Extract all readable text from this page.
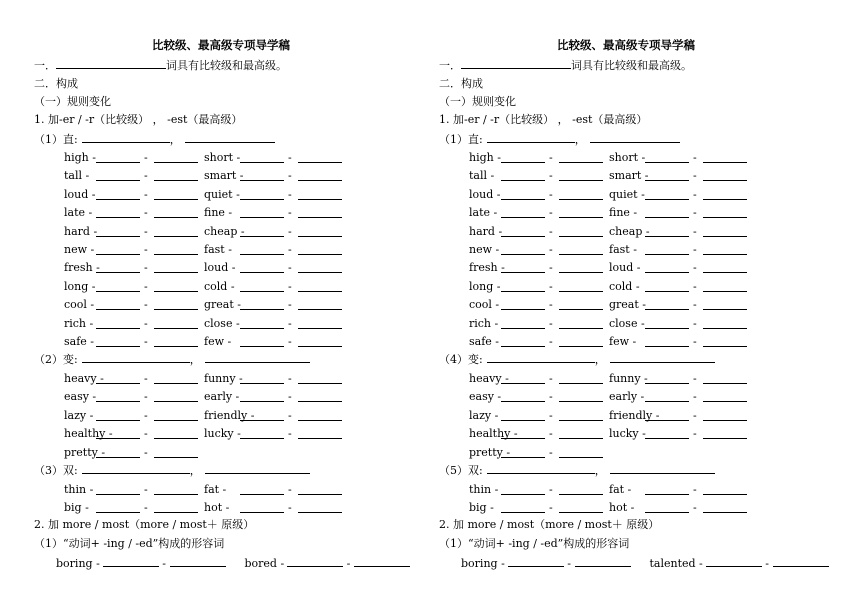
比较级、最高级专项导学稿
一．	词具有比较级和最高级。
二．构成
（一）规则变化
1. 加-er / -r（比较级） ， -est（最高级）
（1）直:	，
high -	-	short -	-
tall -	-	smart -	-
loud -	-	quiet -	-
late -	-	fine -	-
hard -	-	cheap -	-
new -	-	fast -	-
fresh -	-	loud -	-
long -	-	cold -	-
cool -	-	great -	-
rich -	-	close -	-
safe -	-	few -	-
（2）变:	，
heavy -	-	funny -	-
easy -	-	early -	-
lazy -	-	friendly -	-
healthy -	-	lucky -	-
pretty -	-
（3）双:	，
thin -	-	fat -	-
big -	-	hot -	-
2. 加 more / most（more / most＋ 原级）
（1）“动词+ -ing / -ed”构成的形容词
boring -	-	bored -	-
比较级、最高级专项导学稿
一．	词具有比较级和最高级。
二．构成
（一）规则变化
1. 加-er / -r（比较级） ， -est（最高级）
（1）直:	，
high -	-	short -	-
tall -	-	smart -	-
loud -	-	quiet -	-
late -	-	fine -	-
hard -	-	cheap -	-
new -	-	fast -	-
fresh -	-	loud -	-
long -	-	cold -	-
cool -	-	great -	-
rich -	-	close -	-
safe -	-	few -	-
（4）变:	，
heavy -	-	funny -	-
easy -	-	early -	-
lazy -	-	friendly -	-
healthy -	-	lucky -	-
pretty -	-
（5）双:	，
thin -	-	fat -	-
big -	-	hot -	-
2. 加 more / most（more / most＋ 原级）
（1）“动词+ -ing / -ed”构成的形容词
boring -	-	talented -	-
